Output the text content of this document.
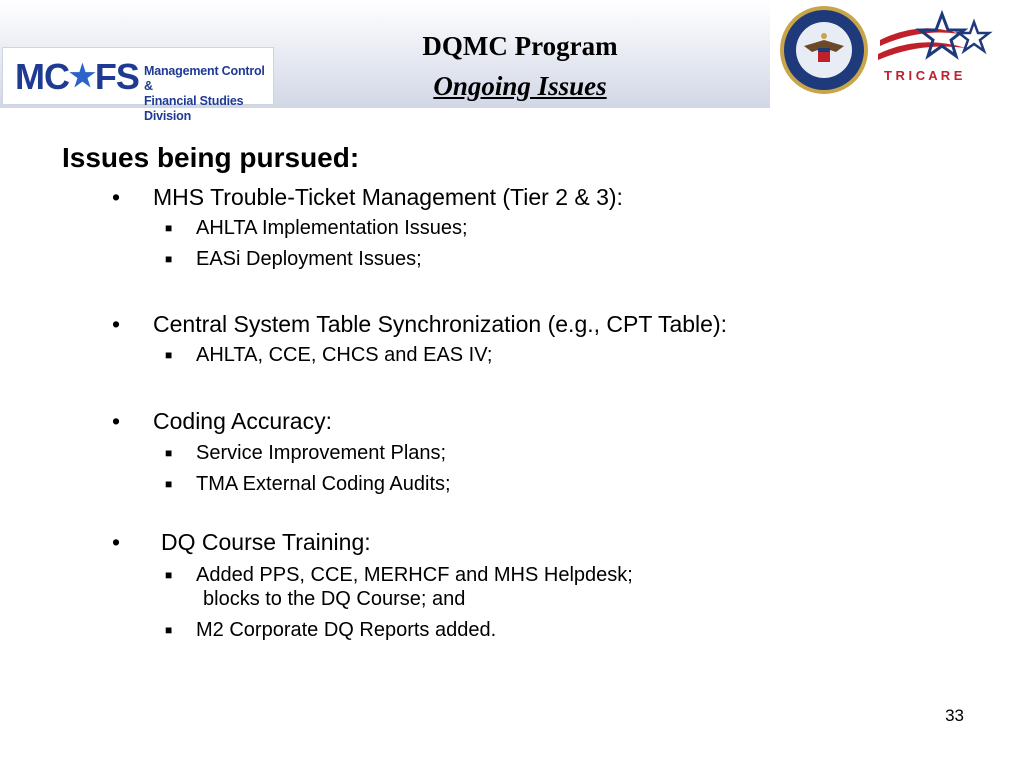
MC★FS Management Control &
Financial Studies Division
DQMC Program
Ongoing Issues	T R I C A R E
Issues being pursued:
• MHS Trouble-Ticket Management (Tier 2 & 3):
■ AHLTA Implementation Issues;
■ EASi Deployment Issues;
• Central System Table Synchronization (e.g., CPT Table):
■ AHLTA, CCE, CHCS and EAS IV;
• Coding Accuracy:
■ Service Improvement Plans;
■ TMA External Coding Audits;
• DQ Course Training:
■ Added PPS, CCE, MERHCF and MHS Helpdesk;
blocks to the DQ Course; and
■ M2 Corporate DQ Reports added.
33
